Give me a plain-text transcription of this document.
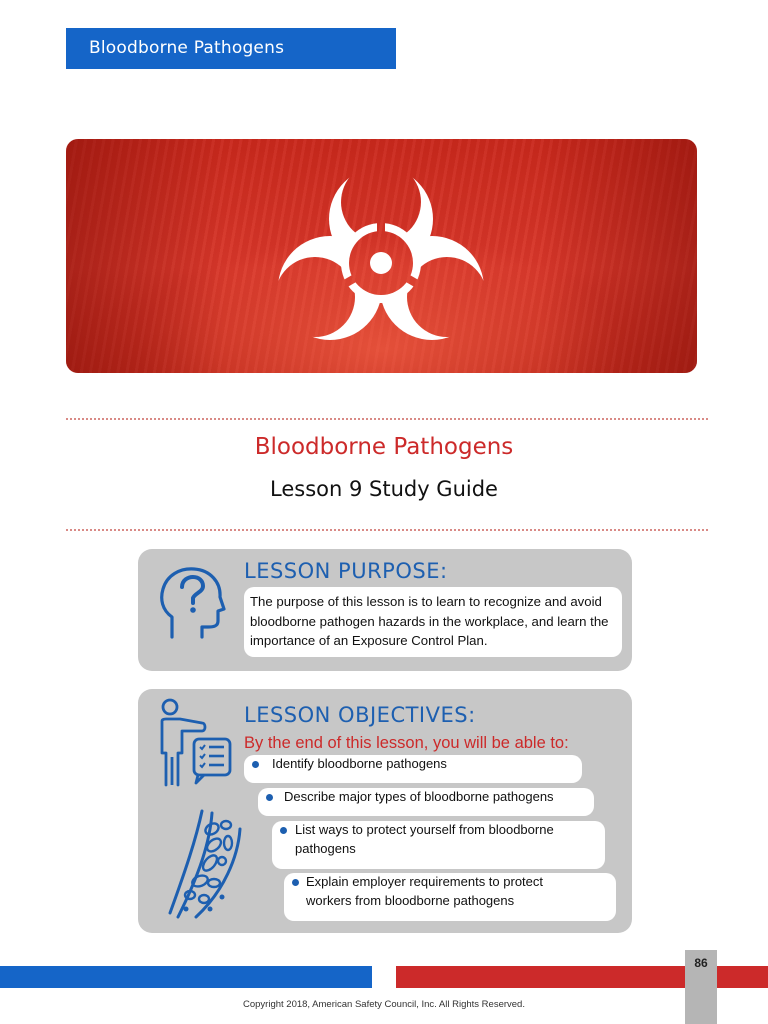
Bloodborne Pathogens
Bloodborne Pathogens
Lesson 9 Study Guide
LESSON PURPOSE:
The purpose of this lesson is to learn to recognize and avoid bloodborne pathogen hazards in the workplace, and learn the importance of an Exposure Control Plan.
LESSON OBJECTIVES:
By the end of this lesson, you will be able to:
Identify bloodborne pathogens
Describe major types of bloodborne pathogens
List ways to protect yourself from bloodborne pathogens
Explain employer requirements to protect workers from bloodborne pathogens
86
Copyright 2018, American Safety Council, Inc. All Rights Reserved.
